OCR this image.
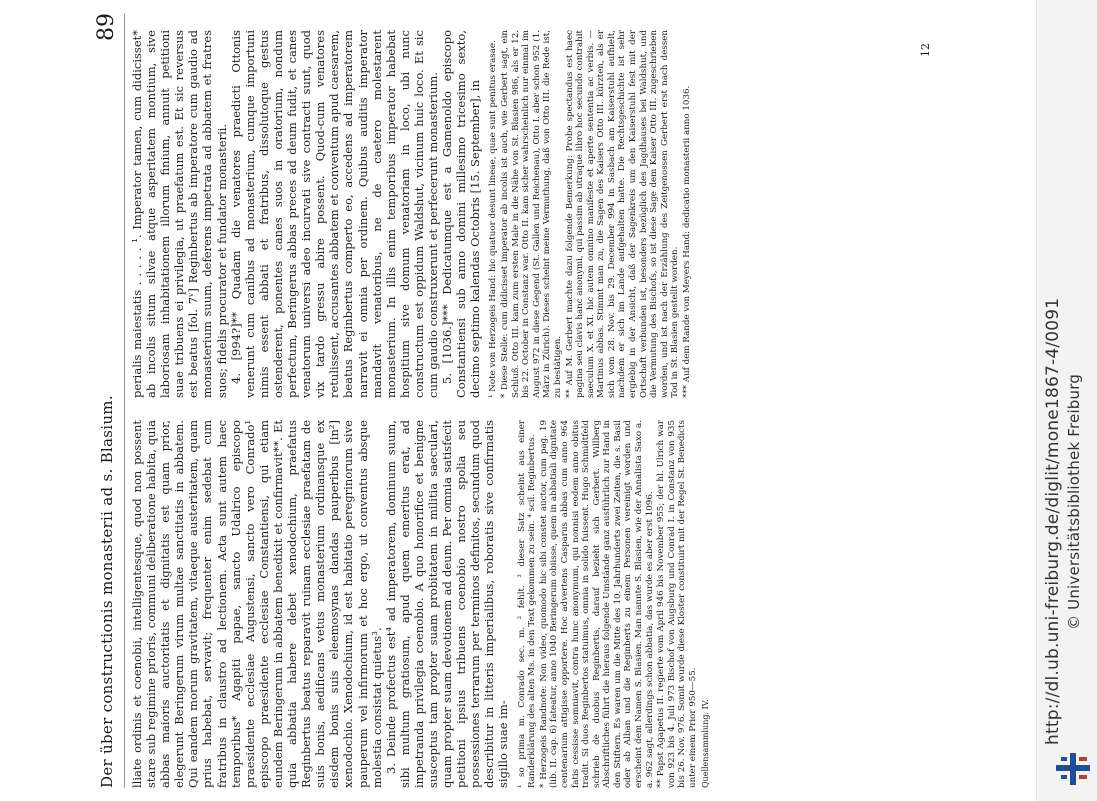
Der über constructionis monasterii ad s. Blasium.
89

lliate ordinis et coenobii, intelligentesque, quod non possent stare sub regimine prioris, communi deliberatione habita, quia abbas maioris auctoritatis et dignitatis est quam prior, elegerunt Beringerum virum multae sanctitatis in abbatem. Qui eandem morum gravitatem, vitaeque austeritatem, quam prius habebat, servavit; frequenter enim sedebat cum fratribus in claustro ad lectionem. Acta sunt autem haec temporibus* Agapiti papae, sancto Udalrico episcopo praesidente ecclesiae Augustensi, sancto vero Conrado¹ episcopo praesidente ecclesiae Constantiensi, qui etiam eundem Beringerum in abbatem benedixit et confirmavit**. Et quia abbatia habere debet xenodochium, praefatus Reginbertus beatus reparavit ruinam ecclesiae praefatam de suis bonis, aedificans vetus monasterium ordinansque ex eisdem bonis suis eleemosynas dandas pauperibus [in²] xenodochio. Xenodochium, id est habitatio peregrinorum sive pauperum vel infirmorum et hoc ergo, ut conventus absque molestia consistat quietus³. 3. Deinde profectus est⁴ ad imperatorem, dominum suum, sibi multum gratiosum, apud quem emeritus erat, ad impetranda privilegia coenobio. A quo honorifice et benigne susceptus tam propter suam probitatem in militia saeculari, quam propter suam devotionem ad deum. Per omnia satisfecit petitioni ipsius tribuens coenobio nostro spolia seu possessiones terrarum per terminos definitos, secundum quod describitur in litteris imperialibus, roboratis sive confirmatis sigillo suae im- ¹ so prima m. Conrado sec. m. ² fehlt. ³ dieser Satz scheint aus einer Randerklärung des alten Ms. in den Text gekommen zu sein. ⁴ scil. Reginbertus. * Herzogeis Randnote: Non video, quomodo hic sibi constet auctor, cum pag. 19 (lib. II. cap. 6) fateatur, anno 1040 Beringerum obiisse, quem in abbatiali dignitate centenarium attigisse opportere. Hoc advertens Casparus abbas cum anno 964 fatis cessisse somniavit, contra hunc anonymum, qui nonnisi eodem anno obitus tradit. Si duos Reginbertos statuimus, omnia in solido fuissent. Hugo Schmidtfeld schrieb de duobus Reginbertis, darauf bezieht sich Gerbert. Willberg Abschriftliches führt die hieraus folgende Umstände ganz ausführlich zur Hand in den Stiftern. Es waren um die Mitte des 10. Jahrhunderts zwei Zeiten, die s. Basil oder ab Alban und die Reginberts zu einem Personen vereinigt worden und erscheint dem Namen S. Blasien. Man nannte S. Blasien, wie der Annalista Saxo a. a. 962 sagt, allerdings schon abbatia, das wurde es aber erst 1096. ** Papst Agapetus II. regierte vom April 946 bis November 955; der hl. Ulrich war von 923 bis 4. Juli 973 Bischof von Augsburg und Conrad I. in Constanz von 935 bis 26. Nov. 976. Somit wurde diese Kloster constituirt mit der Regel St. Benedicts unter einem Prior 950—55. Quellensammlung. IV.

perialis maiestatis . . . . . ¹. Imperator tamen, cum didicisset* ab incolis situm silvae atque asperitatem montium, sive laboriosam inhabitationem illorum finium, annuit petitioni suae tribuens ei privilegia, ut praefatum est. Et sic reversus est beatus [fol. 7ᵛ] Reginbertus ab imperatore cum gaudio ad monasterium suum, deferens impetrata ad abbatem et fratres suos; fidelis procurator et fundator monasterii. 4. [994?]** Quadam die venatores praedicti Ottonis venerunt cum canibus ad monasterium, cumque importuni nimis essent abbati et fratribus, dissolutoque gestus ostenderent, ponentes canes suos in oratorium, nondum perfectum, Beringerus abbas preces ad deum fudit, et canes venatorum universi adeo incurvati sive contracti sunt, quod vix tardo gressu abire possent. Quod-cum venatores retulissent, accusantes abbatem et conventum apud caesarem, beatus Reginbertus comperto eo, accedens ad imperatorem narravit ei omnia per ordinem. Quibus auditis imperator mandavit venatoribus, ne de caetero molestarent monasterium. In illis enim temporibus imperator habebat hospitium sive domum venatoriam in loco, ubi nunc constructum est oppidum Waldshut, vicinum huic loco. Et sic cum gaudio construxerunt et perfecerunt monasterium. 5. [1036.]*** Dedicatumque est a Gamenoldo episcopo Constantiensi sub anno domini millesimo tricesimo sexto, decimo septimo kalendas Octobris [15. September], in ¹ Note von Herzogeis Hand: hic quatuor desunt lineae, quae sunt penitus erasae. * Diese Stelle: cum didicisset imperator ab incolis ist auch, wie Gerbert sagt, ein Schluß. Otto III. kam zum ersten Male in die Nähe von St. Blasien 986, als er 12. bis 22. October in Constanz war. Otto II. kam sicher wahrscheinlich nur einmal im August 972 in diese Gegend (St. Gallen und Reichenau), Otto I. aber schon 952 (1. März in Zürich). Dieses scheint meine Vermuthung, daß von Otto III. die Rede ist, zu bestätigen. ** Auf M. Gerbert machte dazu folgende Bemerkung: Probe spectandus est haec pagina seu clavis hanc anonymi, qui passim ab utraque libro hoc secundo contrahit saeculum X. et XI. hic autem omnino manifeste et aperte sententia ac verbis. — Martinus abbas. Stimmt man zu, die Sagen des Kaisers Otto III. kürzten, als er sich vom 28. Nov. bis 29. December 994 in Sasbach am Kaiserstuhl aufhielt, nachdem er sich im Lande aufgehalten hatte. Die Rechtsgeschichte ist sehr ergiebig in der Ansicht, daß der Sagenkreis um den Kaiserstuhl fest mit der Ortschaft verbunden ist, besonders bezüglich des Jagdhauses bei Waldshut, und die Vermutung des Bischofs, so ist diese Sage dem Kaiser Otto III. zugeschrieben worden, und ist nach der Erzählung des Zeitgenossen Gerbert erst nach dessen Tod in St. Blasien gestellt worden. *** Auf dem Rande von Meyers Hand: dedicatio monasterii anno 1036.

12
http://dl.ub.uni-freiburg.de/diglit/mone1867-4/0091 © Universitätsbibliothek Freiburg
